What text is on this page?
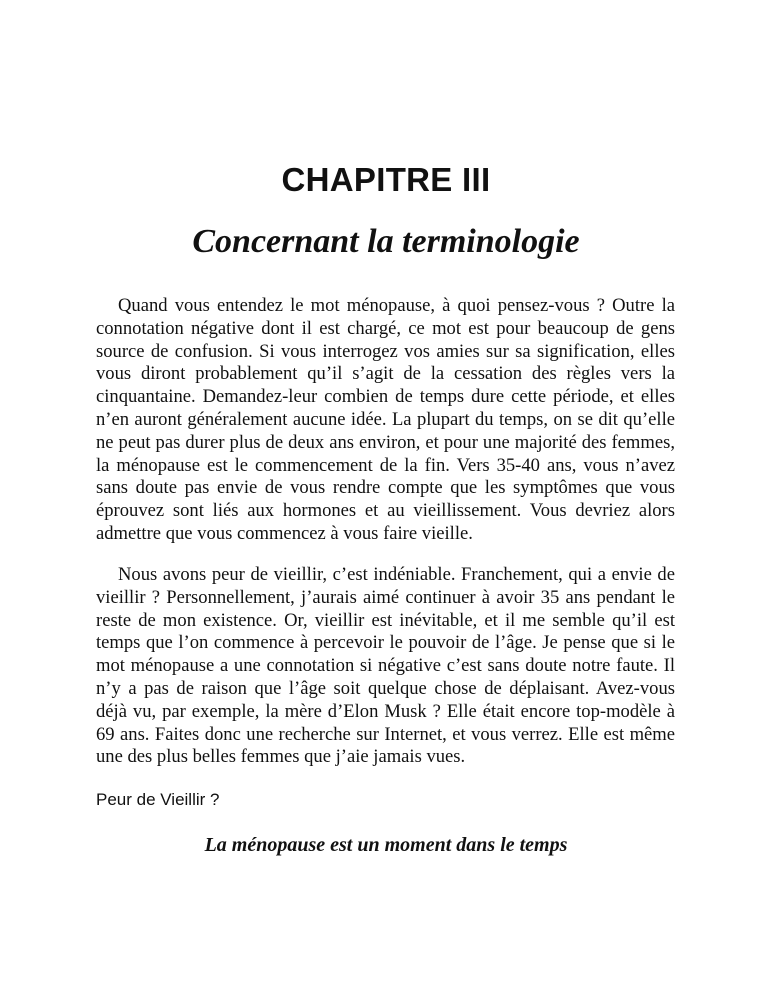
CHAPITRE III
Concernant la terminologie

Quand vous entendez le mot ménopause, à quoi pensez-vous ? Outre la connotation négative dont il est chargé, ce mot est pour beaucoup de gens source de confusion. Si vous interrogez vos amies sur sa signification, elles vous diront probablement qu’il s’agit de la cessation des règles vers la cinquantaine. Demandez-leur combien de temps dure cette période, et elles n’en auront généralement aucune idée. La plupart du temps, on se dit qu’elle ne peut pas durer plus de deux ans environ, et pour une majorité des femmes, la ménopause est le commencement de la fin. Vers 35-40 ans, vous n’avez sans doute pas envie de vous rendre compte que les symptômes que vous éprouvez sont liés aux hormones et au vieillissement. Vous devriez alors admettre que vous commencez à vous faire vieille.

Nous avons peur de vieillir, c’est indéniable. Franchement, qui a envie de vieillir ? Personnellement, j’aurais aimé continuer à avoir 35 ans pendant le reste de mon existence. Or, vieillir est inévitable, et il me semble qu’il est temps que l’on commence à percevoir le pouvoir de l’âge. Je pense que si le mot ménopause a une connotation si négative c’est sans doute notre faute. Il n’y a pas de raison que l’âge soit quelque chose de déplaisant. Avez-vous déjà vu, par exemple, la mère d’Elon Musk ? Elle était encore top-modèle à 69 ans. Faites donc une recherche sur Internet, et vous verrez. Elle est même une des plus belles femmes que j’aie jamais vues.

Peur de Vieillir ?

La ménopause est un moment dans le temps
